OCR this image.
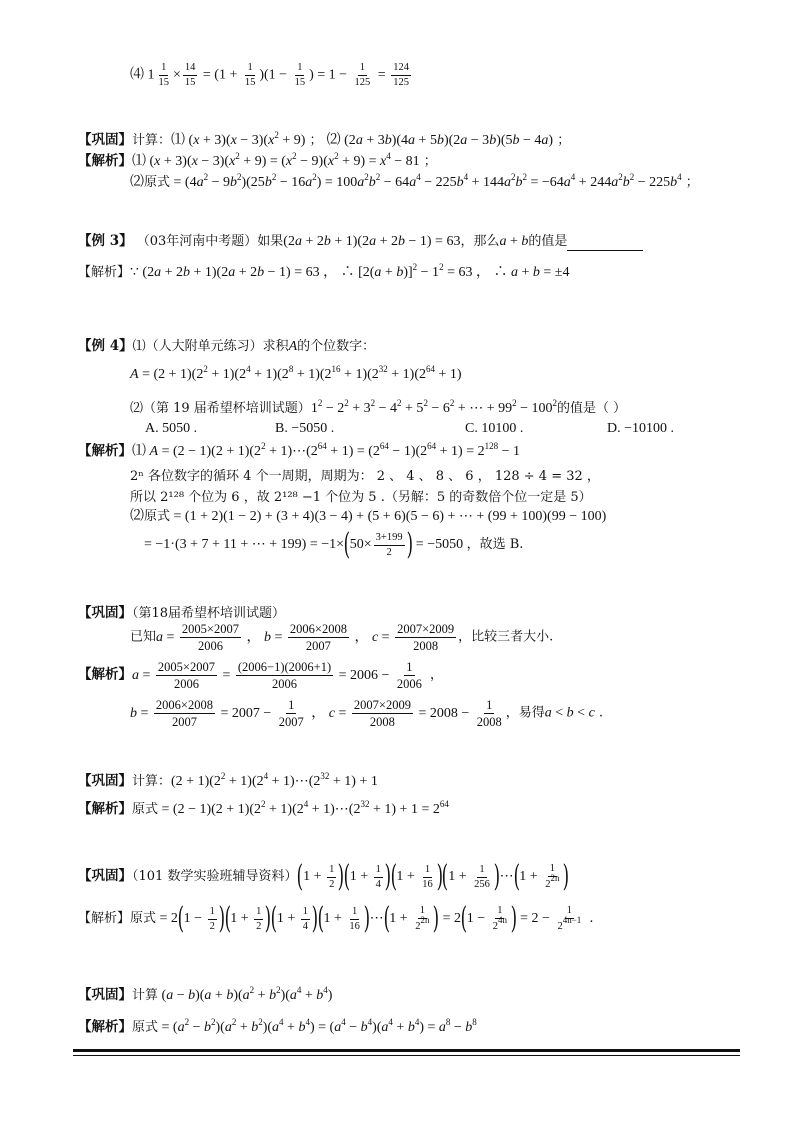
⑷ $1 \frac{1}{15} \times \frac{14}{15} = (1 + \frac{1}{15} )(1 - \frac{1}{15}$ ) = $1 - \frac{1}{125} = \frac{124}{125}$
【巩固】计算：⑴ $(x + 3)(x - 3)(x^2 + 9)$ ； ⑵ (2a + 3b)(4a + 5b)(2a − 3b)(5b − 4a) ；
【解析】⑴ $(x + 3)(x - 3)(x^2 + 9) = (x^2 - 9)(x^2 + 9) = x^4 - 81$ ；
⑵原式 = $(4a^2 - 9b^2)(25b^2 - 16a^2) = 100a^2b^2 - 64a^4 - 225b^4 + 144a^2b^2 = -64a^4 + 244a^2b^2 - 225b^4$ ；
【例 3】 （03年河南中考题）如果(2a + 2b + 1)(2a + 2b − 1) = 63，那么a + b的值是
【解析】∵ (2a + 2b + 1)(2a + 2b − 1) = 63 ， ∴ $[2(a + b)]^2 - 1^2 = 63$ ， ∴ a + b = ±4
【例 4】⑴（人大附单元练习）求积A的个位数字：
$A = (2 + 1)(2^2 + 1)(2^4 + 1)(2^8 + 1)(2^{16} + 1)(2^{32} + 1)(2^{64} + 1)$
⑵（第 19 届希望杯培训试题）$1^2 - 2^2 + 3^2 - 4^2 + 5^2 - 6^2$ + ⋯ + $99^2 - 100^2$的值是（ ）
A. 5050 .	B. −5050 .	C. 10100 .	D. −10100 .
【解析】⑴ $A = (2 - 1)(2 + 1)(2^2$ + $1)\cdots(2^{64} + 1) = (2^{64} - 1)(2^{64} + 1) = 2^{128} - 1$
2ⁿ 各位数字的循环 4 个一周期，周期为： 2 、 4 、 8 、 6 ， 128 ÷ 4 = 32 ，
所以 2¹²⁸ 个位为 6 ，故 2¹²⁸ −1 个位为 5 .（另解：5 的奇数倍个位一定是 5）
⑵原式 = (1 + 2)(1 − 2) + (3 + 4)(3 − 4) + (5 + 6)(5 − 6) + ⋯ + (99 + 100)(99 − 100)
= −1·(3 + 7 + 11 + ⋯ + $199) = -1\times(50\times \frac{3+199}{2}$ ) = −5050 ，故选 B.
【巩固】（第18届希望杯培训试题）
已知$a = \frac{2005\times 2007}{2006}$ ， $b = \frac{2006\times 2008}{2007}$ ， $c = \frac{2007\times 2009}{2008}$ ，比较三者大小.
【解析】$a = \frac{2005\times 2007}{2006} = \frac{(2006-1)(2006+1)}{2006} = 2006 - \frac{1}{2006}$ ，
$b = \frac{2006\times 2008}{2007} = 2007 - \frac{1}{2007}$ ， $c = \frac{2007\times 2009}{2008} = 2008 - \frac{1}{2008}$ ，易得a < b < c .
【巩固】计算：$(2 + 1)(2^2 + 1)(2^4$ + $1)\cdots(2^{32} + 1) + 1$
【解析】原式 = $(2 - 1)(2 + 1)(2^2 + 1)(2^4$ + $1)\cdots(2^{32} + 1) + 1 = 2^{64}$
【巩固】（101 数学实验班辅导资料）$(1 + \frac{1}{2} )(1 + \frac{1}{4} )(1 + \frac{1}{16} )(1 + \frac{1}{256}$ )⋯(1 + $\frac{1}{2^{2n}}$ )
【解析】原式 = $2(1 - \frac{1}{2} )(1 + \frac{1}{2} )(1 + \frac{1}{4} )(1 + \frac{1}{16}$ )⋯(1 + $\frac{1}{2^{2n}}$ ) = $2(1 - \frac{1}{2^{4n}}$ ) = $2 - \frac{1}{2^{4n-1}}$ .
【巩固】计算 $(a - b)(a + b)(a^2 + b^2)(a^4 + b^4)$
【解析】原式 = $(a^2 - b^2)(a^2 + b^2)(a^4 + b^4) = (a^4 - b^4)(a^4 + b^4) = a^8 - b^8$
